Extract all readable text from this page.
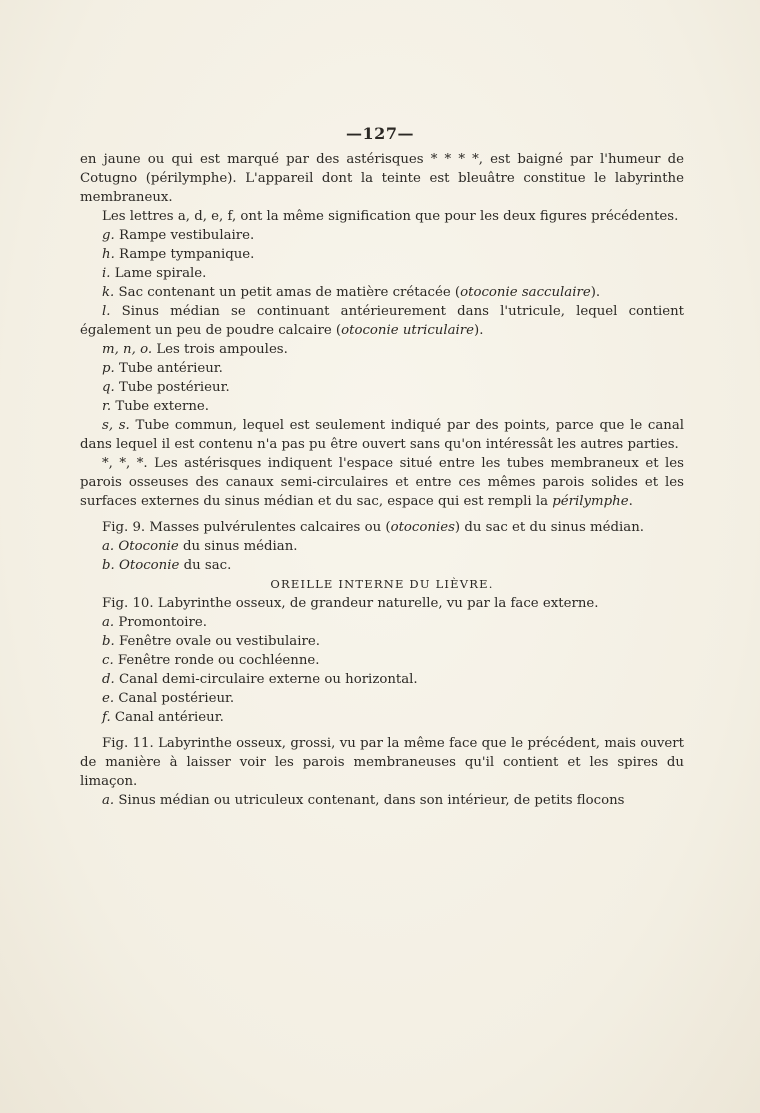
—127—

en jaune ou qui est marqué par des astérisques * * * *, est baigné par l'humeur de Cotugno (périlymphe). L'appareil dont la teinte est bleuâtre constitue le labyrinthe membraneux.

Les lettres a, d, e, f, ont la même signification que pour les deux figures précédentes.

g. Rampe vestibulaire.

h. Rampe tympanique.

i. Lame spirale.

k. Sac contenant un petit amas de matière crétacée (otoconie sacculaire).

l. Sinus médian se continuant antérieurement dans l'utricule, lequel contient également un peu de poudre calcaire (otoconie utriculaire).

m, n, o. Les trois ampoules.

p. Tube antérieur.

q. Tube postérieur.

r. Tube externe.

s, s. Tube commun, lequel est seulement indiqué par des points, parce que le canal dans lequel il est contenu n'a pas pu être ouvert sans qu'on intéressât les autres parties.

*, *, *. Les astérisques indiquent l'espace situé entre les tubes membraneux et les parois osseuses des canaux semi-circulaires et entre ces mêmes parois solides et les surfaces externes du sinus médian et du sac, espace qui est rempli la périlymphe.

Fig. 9. Masses pulvérulentes calcaires ou (otoconies) du sac et du sinus médian.

a. Otoconie du sinus médian.

b. Otoconie du sac.

OREILLE INTERNE DU LIÈVRE.

Fig. 10. Labyrinthe osseux, de grandeur naturelle, vu par la face externe.

a. Promontoire.

b. Fenêtre ovale ou vestibulaire.

c. Fenêtre ronde ou cochléenne.

d. Canal demi-circulaire externe ou horizontal.

e. Canal postérieur.

f. Canal antérieur.

Fig. 11. Labyrinthe osseux, grossi, vu par la même face que le précédent, mais ouvert de manière à laisser voir les parois membraneuses qu'il contient et les spires du limaçon.

a. Sinus médian ou utriculeux contenant, dans son intérieur, de petits flocons
